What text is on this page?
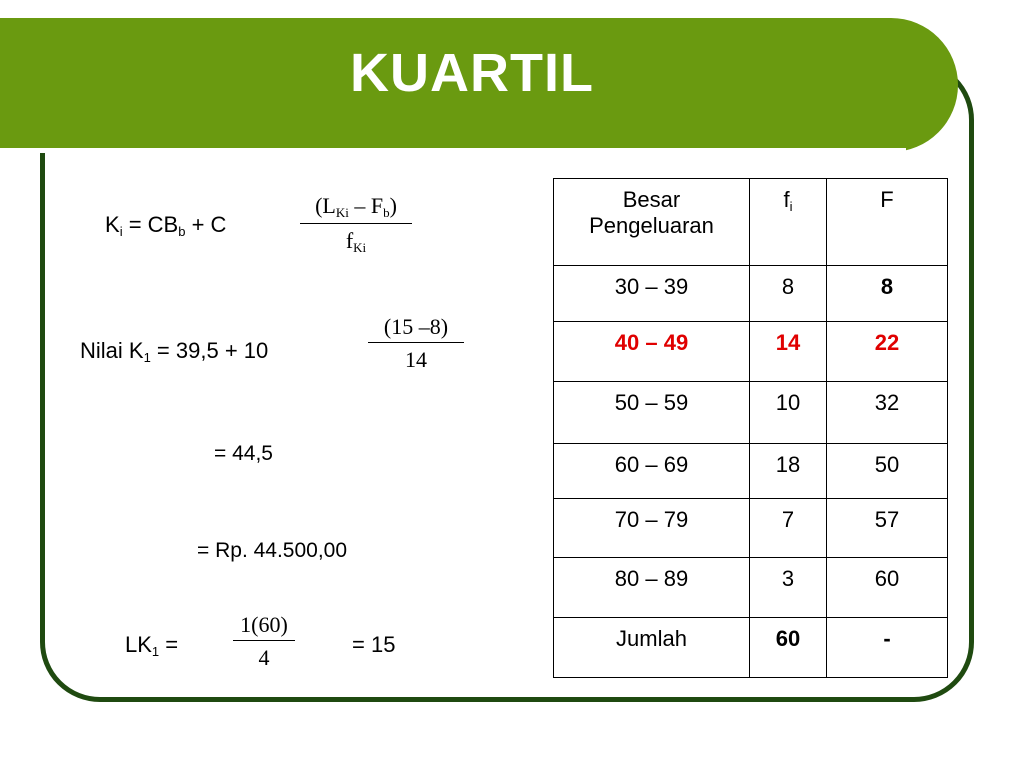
KUARTIL
$K_i = CB_b + C$
$(L_{Ki} - F_b)$
$f_{Ki}$
Nilai $K_1 = 39,5 + 10$	$\frac{(15 -8)}{14}$
= 44,5
= Rp. 44.500,00
$LK_1 = \frac{1(60)}{4}$	= 15
Besar
Pengeluaran	$f_i$	F
30 – 39	8	8
40 – 49	14	22
50 – 59	10	32
60 – 69	18	50
70 – 79	7	57
80 – 89	3	60
Jumlah	60	-
